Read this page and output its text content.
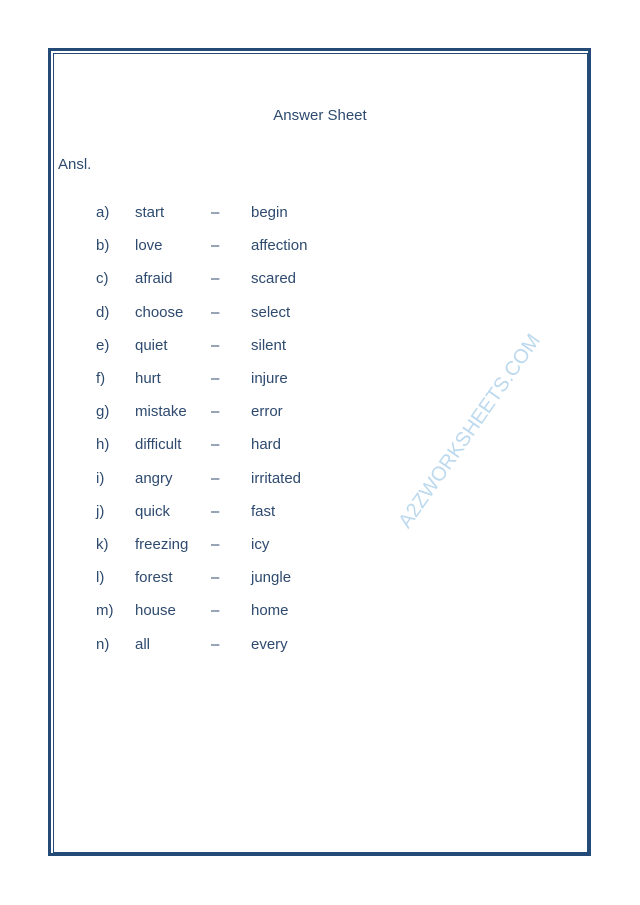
A2ZWORKSHEETS.COM
Answer Sheet
Ansl.
a) start	– begin
b) love	– affection
c) afraid	– scared
d) choose – select
e) quiet	– silent
f) hurt	– injure
g) mistake – error
h) difficult – hard
i) angry	– irritated
j) quick	– fast
k) freezing – icy
l) forest	– jungle
m) house – home
n) all	– every
